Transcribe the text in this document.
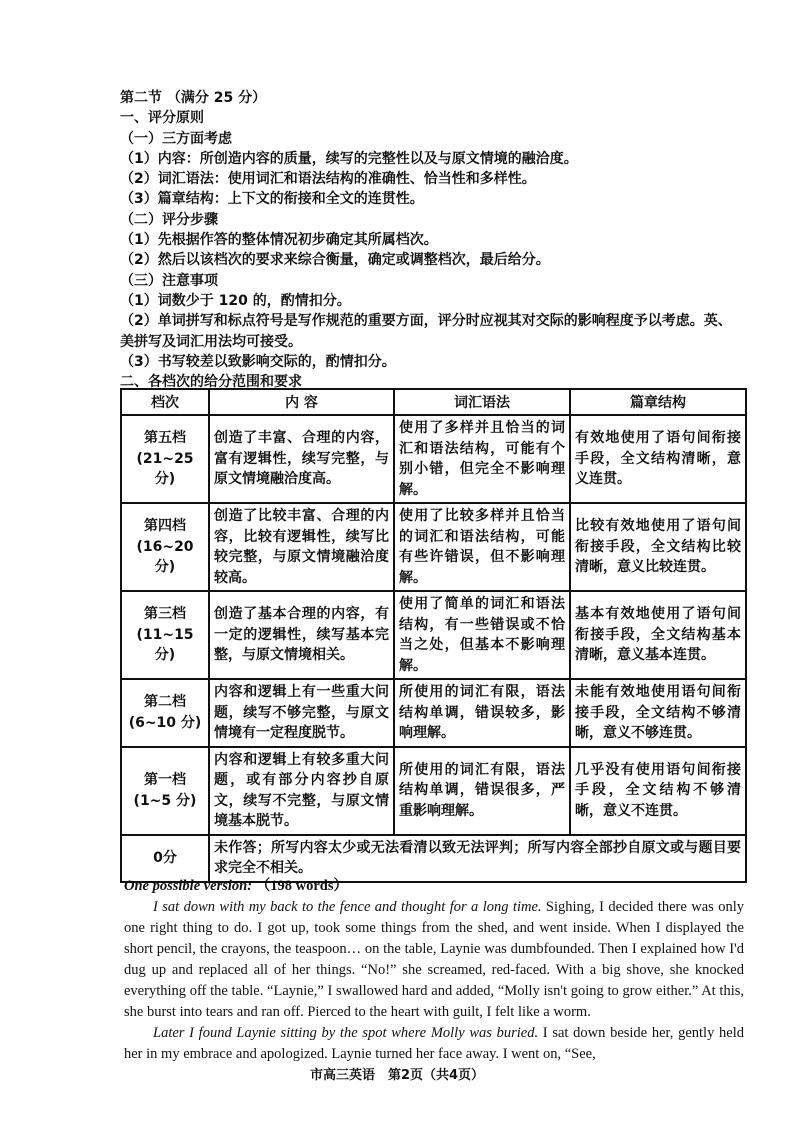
第二节 （满分 25 分）
一、评分原则
（一）三方面考虑
（1）内容：所创造内容的质量，续写的完整性以及与原文情境的融洽度。
（2）词汇语法：使用词汇和语法结构的准确性、恰当性和多样性。
（3）篇章结构：上下文的衔接和全文的连贯性。
（二）评分步骤
（1）先根据作答的整体情况初步确定其所属档次。
（2）然后以该档次的要求来综合衡量，确定或调整档次，最后给分。
（三）注意事项
（1）词数少于 120 的，酌情扣分。
（2）单词拼写和标点符号是写作规范的重要方面，评分时应视其对交际的影响程度予以考虑。英、美拼写及词汇用法均可接受。
（3）书写较差以致影响交际的，酌情扣分。
二、各档次的给分范围和要求
档次	内 容	词汇语法	篇章结构

第五档
(21~25 分)	创造了丰富、合理的内容，富有逻辑性，续写完整，与原文情境融洽度高。	使用了多样并且恰当的词汇和语法结构，可能有个别小错，但完全不影响理解。	有效地使用了语句间衔接手段，全文结构清晰，意义连贯。

第四档
(16~20 分)	创造了比较丰富、合理的内容，比较有逻辑性，续写比较完整，与原文情境融洽度较高。	使用了比较多样并且恰当的词汇和语法结构，可能有些许错误，但不影响理解。	比较有效地使用了语句间衔接手段，全文结构比较清晰，意义比较连贯。

第三档
(11~15 分)	创造了基本合理的内容，有一定的逻辑性，续写基本完整，与原文情境相关。	使用了简单的词汇和语法结构，有一些错误或不恰当之处，但基本不影响理解。	基本有效地使用了语句间衔接手段，全文结构基本清晰，意义基本连贯。

第二档
(6~10 分)	内容和逻辑上有一些重大问题，续写不够完整，与原文情境有一定程度脱节。	所使用的词汇有限，语法结构单调，错误较多，影响理解。	未能有效地使用语句间衔接手段，全文结构不够清晰，意义不够连贯。

第一档
(1~5 分)	内容和逻辑上有较多重大问题，或有部分内容抄自原文，续写不完整，与原文情境基本脱节。	所使用的词汇有限，语法结构单调，错误很多，严重影响理解。	几乎没有使用语句间衔接手段，全文结构不够清晰，意义不连贯。
0分	未作答；所写内容太少或无法看清以致无法评判；所写内容全部抄自原文或与题目要求完全不相关。		

One possible version: （198 words）

I sat down with my back to the fence and thought for a long time. Sighing, I decided there was only one right thing to do. I got up, took some things from the shed, and went inside. When I displayed the short pencil, the crayons, the teaspoon… on the table, Laynie was dumbfounded. Then I explained how I'd dug up and replaced all of her things. “No!” she screamed, red-faced. With a big shove, she knocked everything off the table. “Laynie,” I swallowed hard and added, “Molly isn't going to grow either.” At this, she burst into tears and ran off. Pierced to the heart with guilt, I felt like a worm.

Later I found Laynie sitting by the spot where Molly was buried. I sat down beside her, gently held her in my embrace and apologized. Laynie turned her face away. I went on, “See,

市高三英语　第2页（共4页）
